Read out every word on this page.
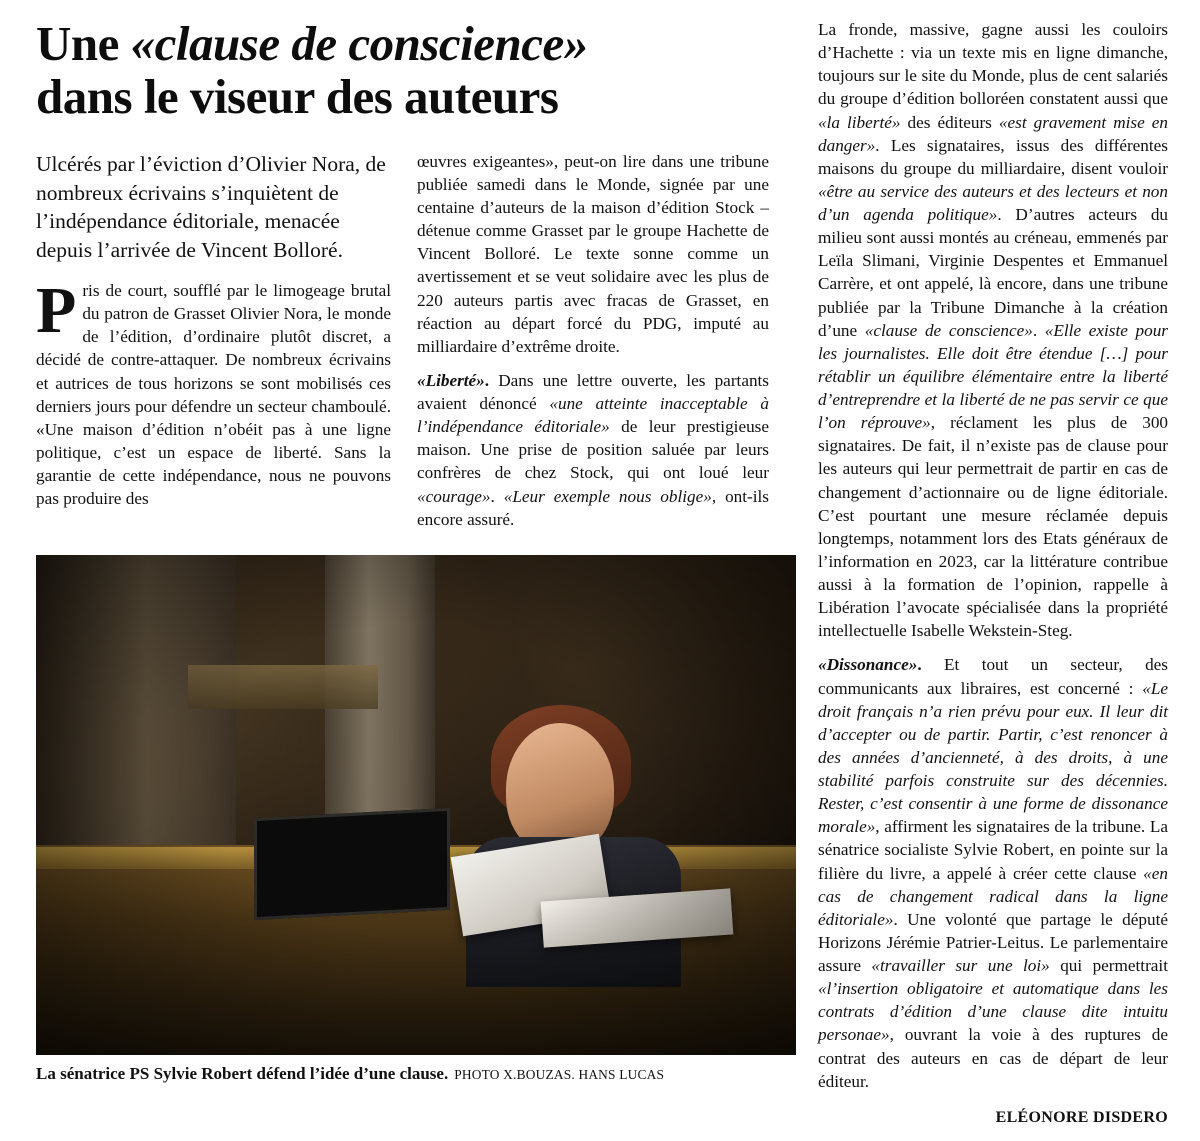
Une «clause de conscience»
dans le viseur des auteurs

Ulcérés par l’éviction d’Olivier Nora, de nombreux écrivains s’inquiètent de l’indépendance éditoriale, menacée depuis l’arrivée de Vincent Bolloré.

Pris de court, soufflé par le limogeage brutal du patron de Grasset Olivier Nora, le monde de l’édition, d’ordinaire plutôt discret, a décidé de contre-attaquer. De nombreux écrivains et autrices de tous horizons se sont mobilisés ces derniers jours pour défendre un secteur chamboulé. «Une maison d’édition n’obéit pas à une ligne politique, c’est un espace de liberté. Sans la garantie de cette indépendance, nous ne pouvons pas produire des

œuvres exigeantes», peut-on lire dans une tribune publiée samedi dans le Monde, signée par une centaine d’auteurs de la maison d’édition Stock – détenue comme Grasset par le groupe Hachette de Vincent Bolloré. Le texte sonne comme un avertissement et se veut solidaire avec les plus de 220 auteurs partis avec fracas de Grasset, en réaction au départ forcé du PDG, imputé au milliardaire d’extrême droite.

«Liberté». Dans une lettre ouverte, les partants avaient dénoncé «une atteinte inacceptable à l’indépendance éditoriale» de leur prestigieuse maison. Une prise de position saluée par leurs confrères de chez Stock, qui ont loué leur «courage». «Leur exemple nous oblige», ont-ils encore assuré.

La sénatrice PS Sylvie Robert défend l’idée d’une clause. PHOTO X.BOUZAS. HANS LUCAS

La fronde, massive, gagne aussi les couloirs d’Hachette : via un texte mis en ligne dimanche, toujours sur le site du Monde, plus de cent salariés du groupe d’édition bolloréen constatent aussi que «la liberté» des éditeurs «est gravement mise en danger». Les signataires, issus des différentes maisons du groupe du milliardaire, disent vouloir «être au service des auteurs et des lecteurs et non d’un agenda politique». D’autres acteurs du milieu sont aussi montés au créneau, emmenés par Leïla Slimani, Virginie Despentes et Emmanuel Carrère, et ont appelé, là encore, dans une tribune publiée par la Tribune Dimanche à la création d’une «clause de conscience». «Elle existe pour les journalistes. Elle doit être étendue […] pour rétablir un équilibre élémentaire entre la liberté d’entreprendre et la liberté de ne pas servir ce que l’on réprouve», réclament les plus de 300 signataires. De fait, il n’existe pas de clause pour les auteurs qui leur permettrait de partir en cas de changement d’actionnaire ou de ligne éditoriale. C’est pourtant une mesure réclamée depuis longtemps, notamment lors des Etats généraux de l’information en 2023, car la littérature contribue aussi à la formation de l’opinion, rappelle à Libération l’avocate spécialisée dans la propriété intellectuelle Isabelle Wekstein-Steg.

«Dissonance». Et tout un secteur, des communicants aux libraires, est concerné : «Le droit français n’a rien prévu pour eux. Il leur dit d’accepter ou de partir. Partir, c’est renoncer à des années d’ancienneté, à des droits, à une stabilité parfois construite sur des décennies. Rester, c’est consentir à une forme de dissonance morale», affirment les signataires de la tribune. La sénatrice socialiste Sylvie Robert, en pointe sur la filière du livre, a appelé à créer cette clause «en cas de changement radical dans la ligne éditoriale». Une volonté que partage le député Horizons Jérémie Patrier-Leitus. Le parlementaire assure «travailler sur une loi» qui permettrait «l’insertion obligatoire et automatique dans les contrats d’édition d’une clause dite intuitu personae», ouvrant la voie à des ruptures de contrat des auteurs en cas de départ de leur éditeur.

ELÉONORE DISDERO
